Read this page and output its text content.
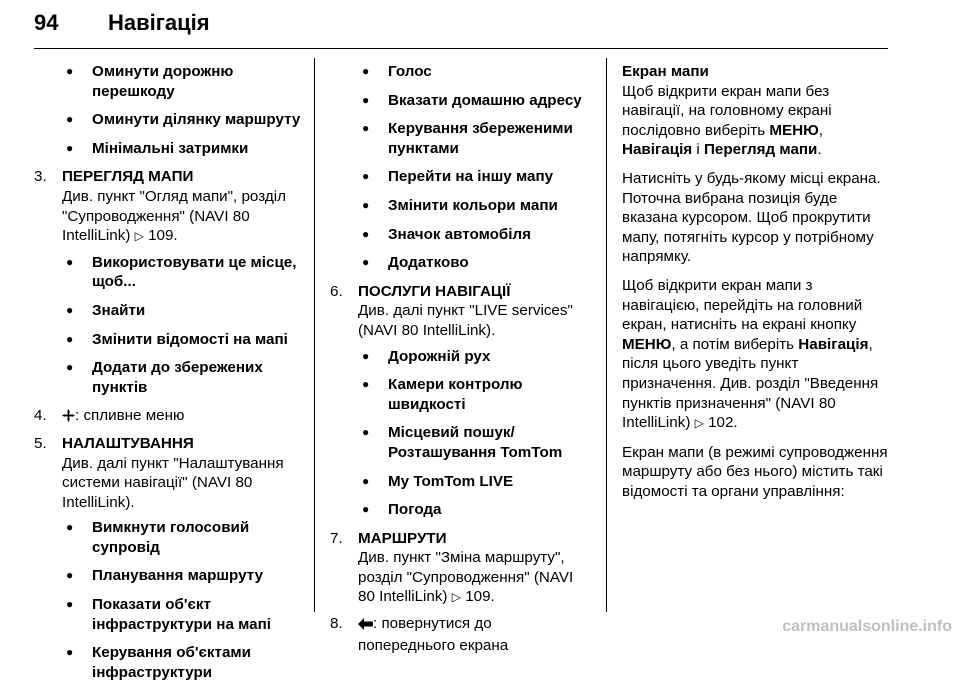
94 Навігація
● Оминути дорожню перешкоду
● Оминути ділянку маршруту
● Мінімальні затримки
3. ПЕРЕГЛЯД МАПИ
Див. пункт "Огляд мапи", розділ "Супроводження" (NAVI 80 IntelliLink) ▷ 109.
● Використовувати це місце, щоб...
● Знайти
● Змінити відомості на мапі
● Додати до збережених пунктів
4. : спливне меню
5. НАЛАШТУВАННЯ
Див. далі пункт "Налаштування системи навігації" (NAVI 80 IntelliLink).
● Вимкнути голосовий супровід
● Планування маршруту
● Показати об'єкт інфраструктури на мапі
● Керування об'єктами інфраструктури
● Голос
● Вказати домашню адресу
● Керування збереженими пунктами
● Перейти на іншу мапу
● Змінити кольори мапи
● Значок автомобіля
● Додатково
6. ПОСЛУГИ НАВІГАЦІЇ
Див. далі пункт "LIVE services" (NAVI 80 IntelliLink).
● Дорожній рух
● Камери контролю швидкості
● Місцевий пошук/ Розташування TomTom
● My TomTom LIVE
● Погода
7. МАРШРУТИ
Див. пункт "Зміна маршруту", розділ "Супроводження" (NAVI 80 IntelliLink) ▷ 109.
8. : повернутися до попереднього екрана
Екран мапи
Щоб відкрити екран мапи без навігації, на головному екрані послідовно виберіть МЕНЮ, Навігація і Перегляд мапи.
Натисніть у будь-якому місці екрана. Поточна вибрана позиція буде вказана курсором. Щоб прокрутити мапу, потягніть курсор у потрібному напрямку.
Щоб відкрити екран мапи з навігацією, перейдіть на головний екран, натисніть на екрані кнопку МЕНЮ, а потім виберіть Навігація, після цього уведіть пункт призначення. Див. розділ "Введення пунктів призначення" (NAVI 80 IntelliLink) ▷ 102.
Екран мапи (в режимі супроводження маршруту або без нього) містить такі відомості та органи управління:
carmanualsonline.info
